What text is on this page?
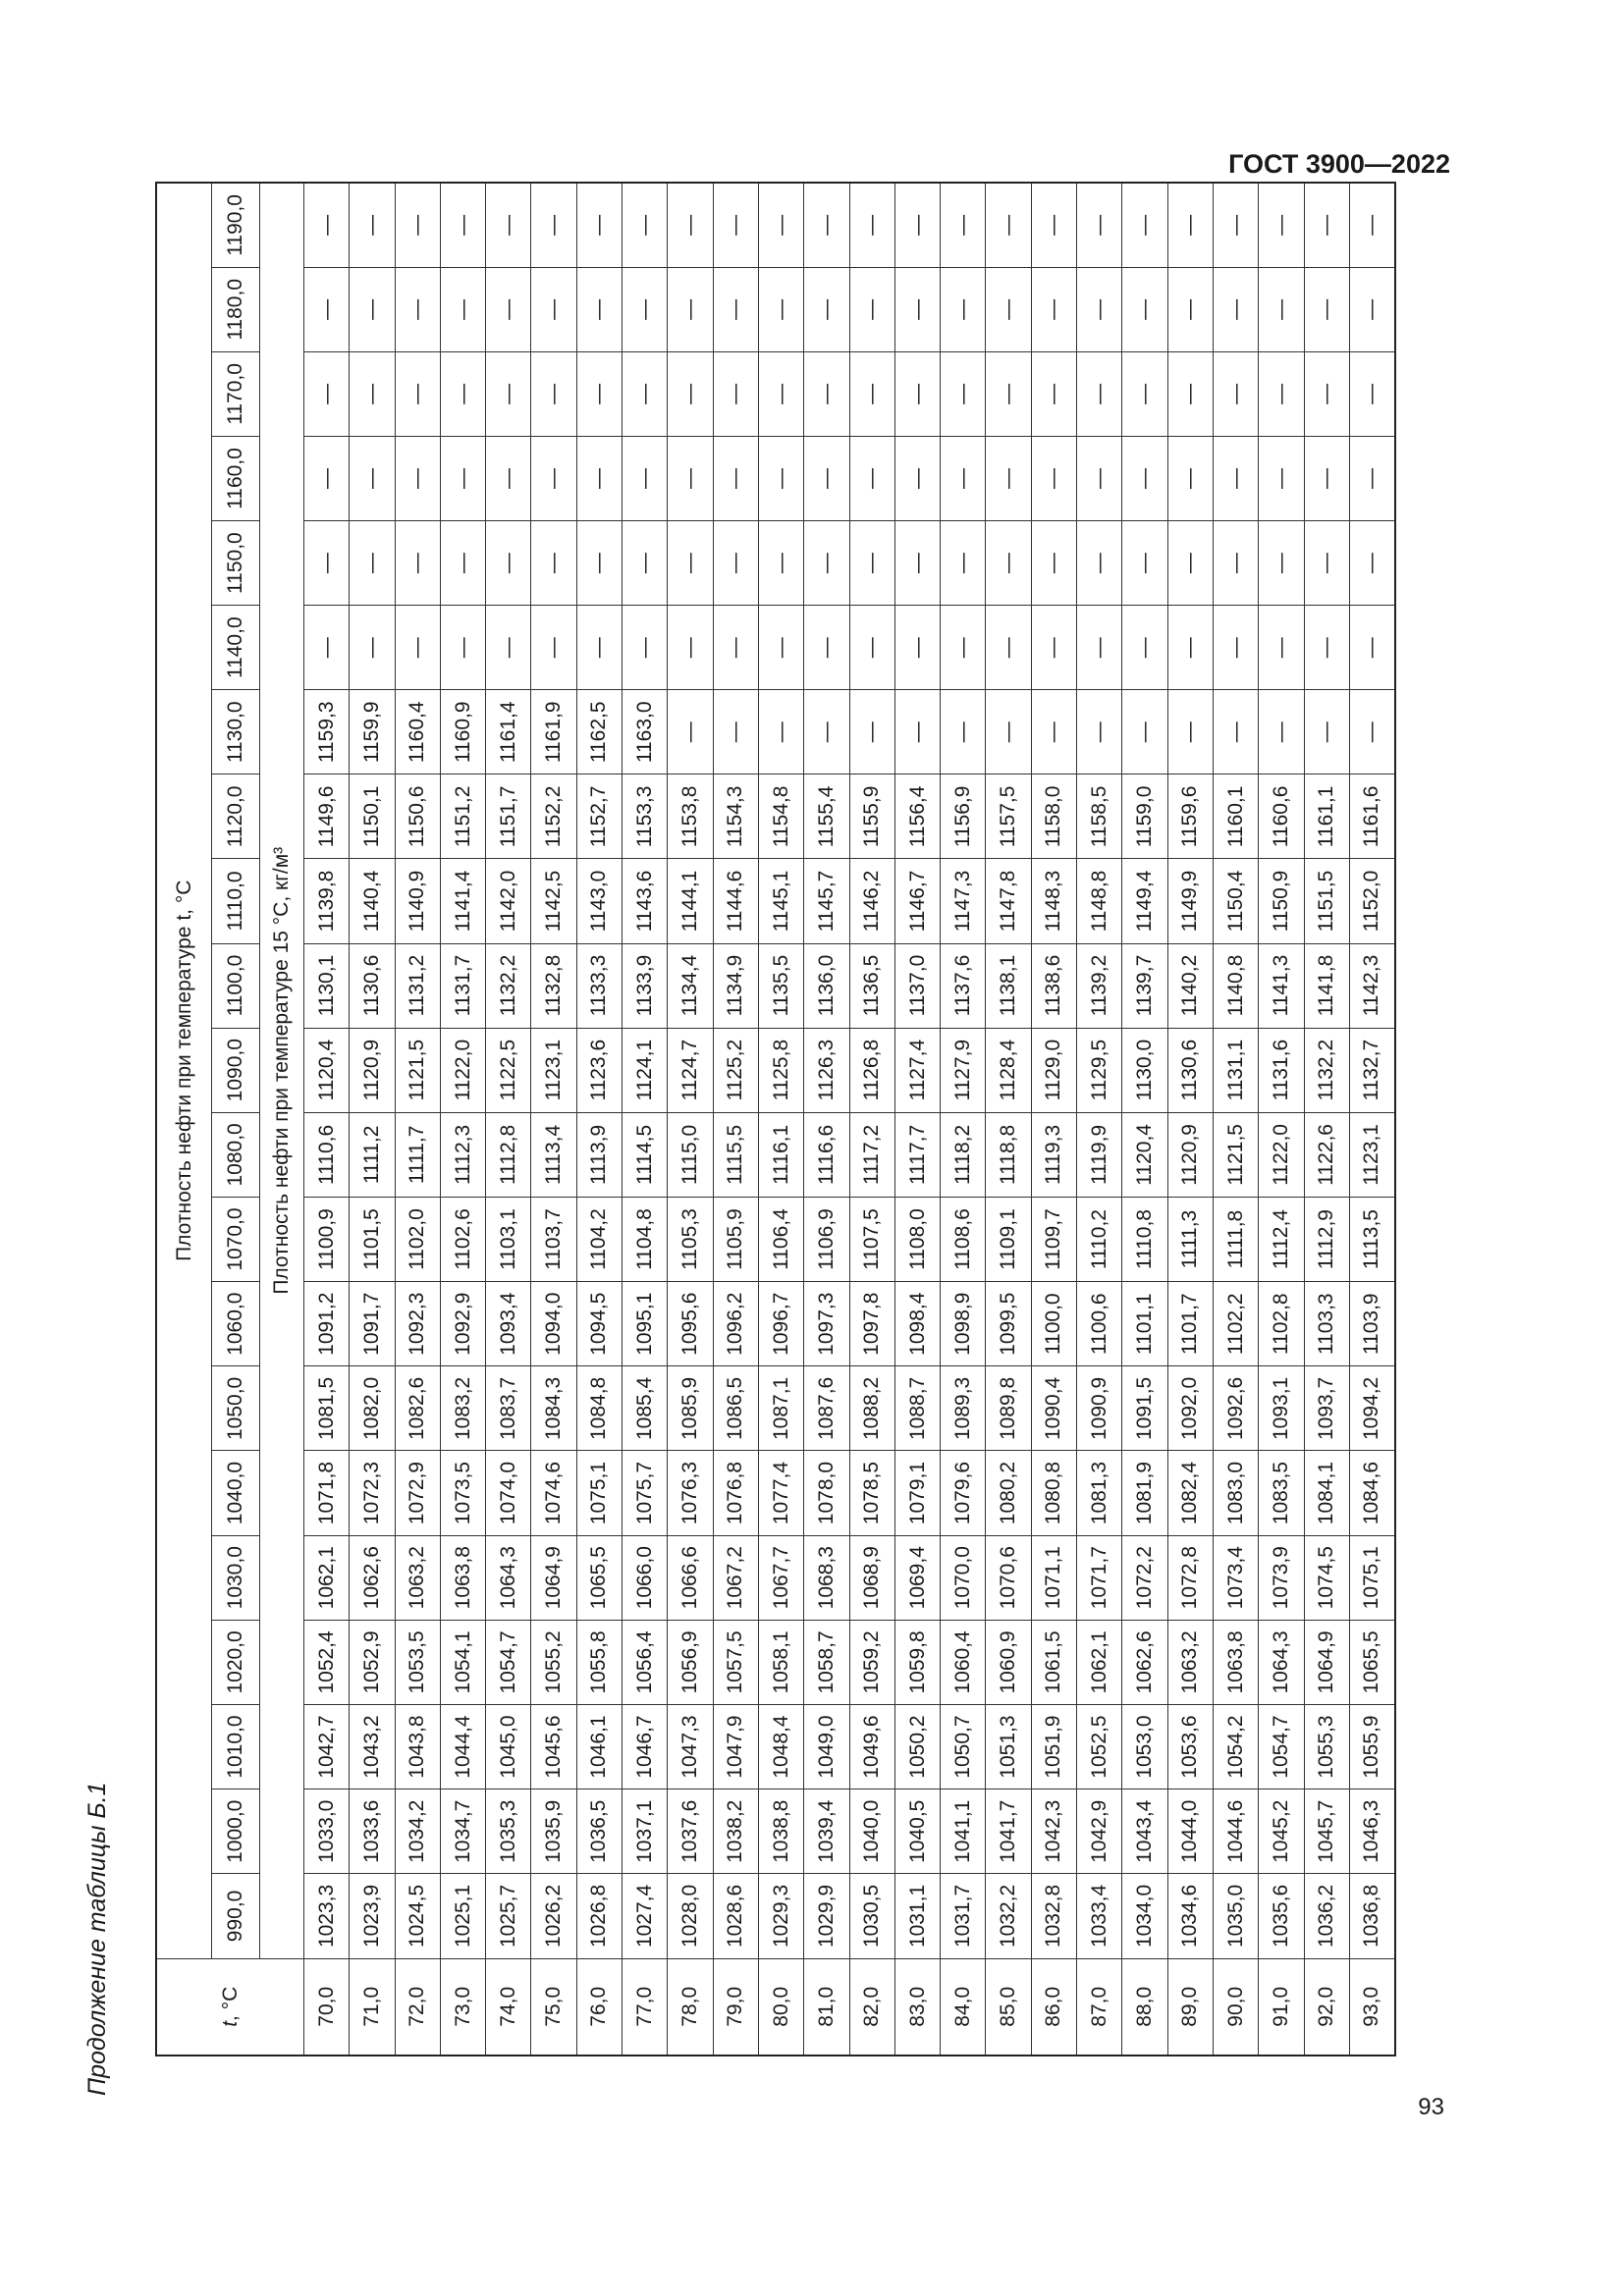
ГОСТ 3900—2022
Продолжение таблицы Б.1	t, °С	Плотность нефти при температуре t, °С																				
	990,0	1000,0	1010,0	1020,0	1030,0	1040,0	1050,0	1060,0	1070,0	1080,0	1090,0	1100,0	1110,0	1120,0	1130,0	1140,0	1150,0	1160,0	1170,0	1180,0	1190,0
	Плотность нефти при температуре 15 °С, кг/м³																				
70,0	1023,3	1033,0	1042,7	1052,4	1062,1	1071,8	1081,5	1091,2	1100,9	1110,6	1120,4	1130,1	1139,8	1149,6	1159,3	—	—	—	—	—	—
71,0	1023,9	1033,6	1043,2	1052,9	1062,6	1072,3	1082,0	1091,7	1101,5	1111,2	1120,9	1130,6	1140,4	1150,1	1159,9	—	—	—	—	—	—
72,0	1024,5	1034,2	1043,8	1053,5	1063,2	1072,9	1082,6	1092,3	1102,0	1111,7	1121,5	1131,2	1140,9	1150,6	1160,4	—	—	—	—	—	—
73,0	1025,1	1034,7	1044,4	1054,1	1063,8	1073,5	1083,2	1092,9	1102,6	1112,3	1122,0	1131,7	1141,4	1151,2	1160,9	—	—	—	—	—	—
74,0	1025,7	1035,3	1045,0	1054,7	1064,3	1074,0	1083,7	1093,4	1103,1	1112,8	1122,5	1132,2	1142,0	1151,7	1161,4	—	—	—	—	—	—
75,0	1026,2	1035,9	1045,6	1055,2	1064,9	1074,6	1084,3	1094,0	1103,7	1113,4	1123,1	1132,8	1142,5	1152,2	1161,9	—	—	—	—	—	—
76,0	1026,8	1036,5	1046,1	1055,8	1065,5	1075,1	1084,8	1094,5	1104,2	1113,9	1123,6	1133,3	1143,0	1152,7	1162,5	—	—	—	—	—	—
77,0	1027,4	1037,1	1046,7	1056,4	1066,0	1075,7	1085,4	1095,1	1104,8	1114,5	1124,1	1133,9	1143,6	1153,3	1163,0	—	—	—	—	—	—
78,0	1028,0	1037,6	1047,3	1056,9	1066,6	1076,3	1085,9	1095,6	1105,3	1115,0	1124,7	1134,4	1144,1	1153,8	—	—	—	—	—	—	—
79,0	1028,6	1038,2	1047,9	1057,5	1067,2	1076,8	1086,5	1096,2	1105,9	1115,5	1125,2	1134,9	1144,6	1154,3	—	—	—	—	—	—	—
80,0	1029,3	1038,8	1048,4	1058,1	1067,7	1077,4	1087,1	1096,7	1106,4	1116,1	1125,8	1135,5	1145,1	1154,8	—	—	—	—	—	—	—
81,0	1029,9	1039,4	1049,0	1058,7	1068,3	1078,0	1087,6	1097,3	1106,9	1116,6	1126,3	1136,0	1145,7	1155,4	—	—	—	—	—	—	—
82,0	1030,5	1040,0	1049,6	1059,2	1068,9	1078,5	1088,2	1097,8	1107,5	1117,2	1126,8	1136,5	1146,2	1155,9	—	—	—	—	—	—	—
83,0	1031,1	1040,5	1050,2	1059,8	1069,4	1079,1	1088,7	1098,4	1108,0	1117,7	1127,4	1137,0	1146,7	1156,4	—	—	—	—	—	—	—
84,0	1031,7	1041,1	1050,7	1060,4	1070,0	1079,6	1089,3	1098,9	1108,6	1118,2	1127,9	1137,6	1147,3	1156,9	—	—	—	—	—	—	—
85,0	1032,2	1041,7	1051,3	1060,9	1070,6	1080,2	1089,8	1099,5	1109,1	1118,8	1128,4	1138,1	1147,8	1157,5	—	—	—	—	—	—	—
86,0	1032,8	1042,3	1051,9	1061,5	1071,1	1080,8	1090,4	1100,0	1109,7	1119,3	1129,0	1138,6	1148,3	1158,0	—	—	—	—	—	—	—
87,0	1033,4	1042,9	1052,5	1062,1	1071,7	1081,3	1090,9	1100,6	1110,2	1119,9	1129,5	1139,2	1148,8	1158,5	—	—	—	—	—	—	—
88,0	1034,0	1043,4	1053,0	1062,6	1072,2	1081,9	1091,5	1101,1	1110,8	1120,4	1130,0	1139,7	1149,4	1159,0	—	—	—	—	—	—	—
89,0	1034,6	1044,0	1053,6	1063,2	1072,8	1082,4	1092,0	1101,7	1111,3	1120,9	1130,6	1140,2	1149,9	1159,6	—	—	—	—	—	—	—
90,0	1035,0	1044,6	1054,2	1063,8	1073,4	1083,0	1092,6	1102,2	1111,8	1121,5	1131,1	1140,8	1150,4	1160,1	—	—	—	—	—	—	—
91,0	1035,6	1045,2	1054,7	1064,3	1073,9	1083,5	1093,1	1102,8	1112,4	1122,0	1131,6	1141,3	1150,9	1160,6	—	—	—	—	—	—	—
92,0	1036,2	1045,7	1055,3	1064,9	1074,5	1084,1	1093,7	1103,3	1112,9	1122,6	1132,2	1141,8	1151,5	1161,1	—	—	—	—	—	—	—
93,0	1036,8	1046,3	1055,9	1065,5	1075,1	1084,6	1094,2	1103,9	1113,5	1123,1	1132,7	1142,3	1152,0	1161,6	—	—	—	—	—	—	—
93
